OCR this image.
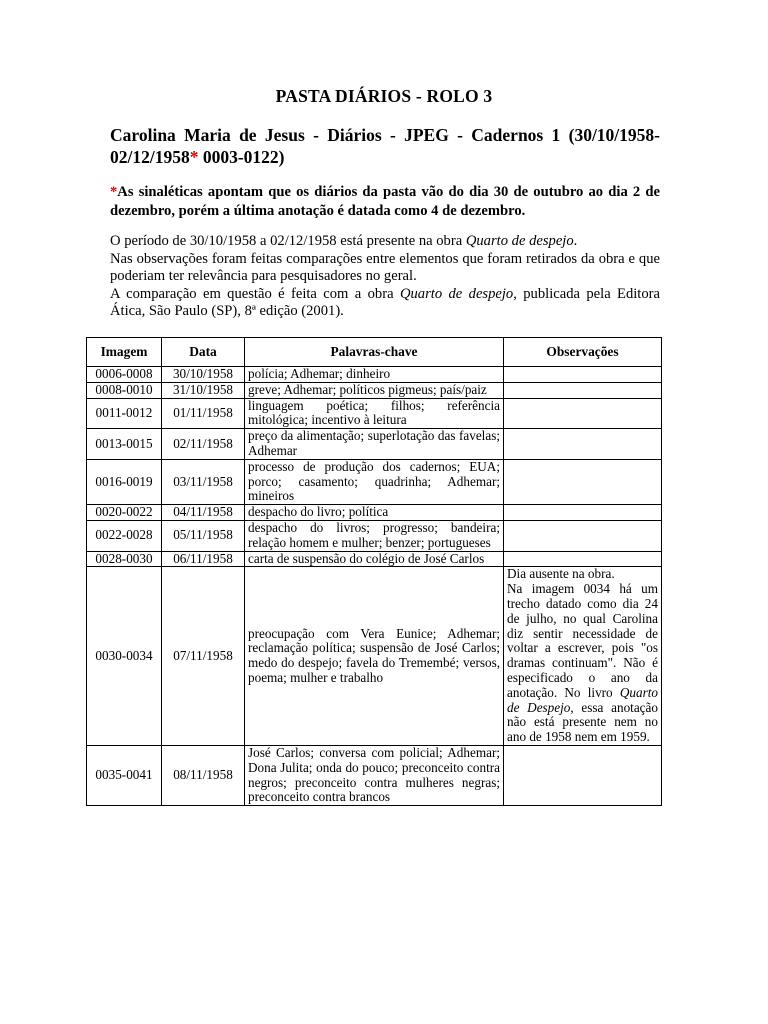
PASTA DIÁRIOS - ROLO 3
Carolina Maria de Jesus - Diários - JPEG - Cadernos 1 (30/10/1958-02/12/1958* 0003-0122)
*As sinaléticas apontam que os diários da pasta vão do dia 30 de outubro ao dia 2 de dezembro, porém a última anotação é datada como 4 de dezembro.

O período de 30/10/1958 a 02/12/1958 está presente na obra Quarto de despejo.

Nas observações foram feitas comparações entre elementos que foram retirados da obra e que poderiam ter relevância para pesquisadores no geral.

A comparação em questão é feita com a obra Quarto de despejo, publicada pela Editora Ática, São Paulo (SP), 8ª edição (2001).

Imagem	Data	Palavras-chave	Observações
0006-0008	30/10/1958	polícia; Adhemar; dinheiro	
0008-0010	31/10/1958	greve; Adhemar; políticos pigmeus; país/paiz	
0011-0012	01/11/1958	linguagem poética; filhos; referência mitológica; incentivo à leitura	
0013-0015	02/11/1958	preço da alimentação; superlotação das favelas; Adhemar	
0016-0019	03/11/1958	processo de produção dos cadernos; EUA; porco; casamento; quadrinha; Adhemar; mineiros	
0020-0022	04/11/1958	despacho do livro; política	
0022-0028	05/11/1958	despacho do livros; progresso; bandeira; relação homem e mulher; benzer; portugueses	
0028-0030	06/11/1958	carta de suspensão do colégio de José Carlos	
0030-0034	07/11/1958	preocupação com Vera Eunice; Adhemar; reclamação política; suspensão de José Carlos; medo do despejo; favela do Tremembé; versos, poema; mulher e trabalho	Dia ausente na obra.
Na imagem 0034 há um trecho datado como dia 24 de julho, no qual Carolina diz sentir necessidade de voltar a escrever, pois "os dramas continuam". Não é especificado o ano da anotação. No livro Quarto de Despejo, essa anotação não está presente nem no ano de 1958 nem em 1959.

0035-0041	08/11/1958	José Carlos; conversa com policial; Adhemar; Dona Julita; onda do pouco; preconceito contra negros; preconceito contra mulheres negras; preconceito contra brancos	
